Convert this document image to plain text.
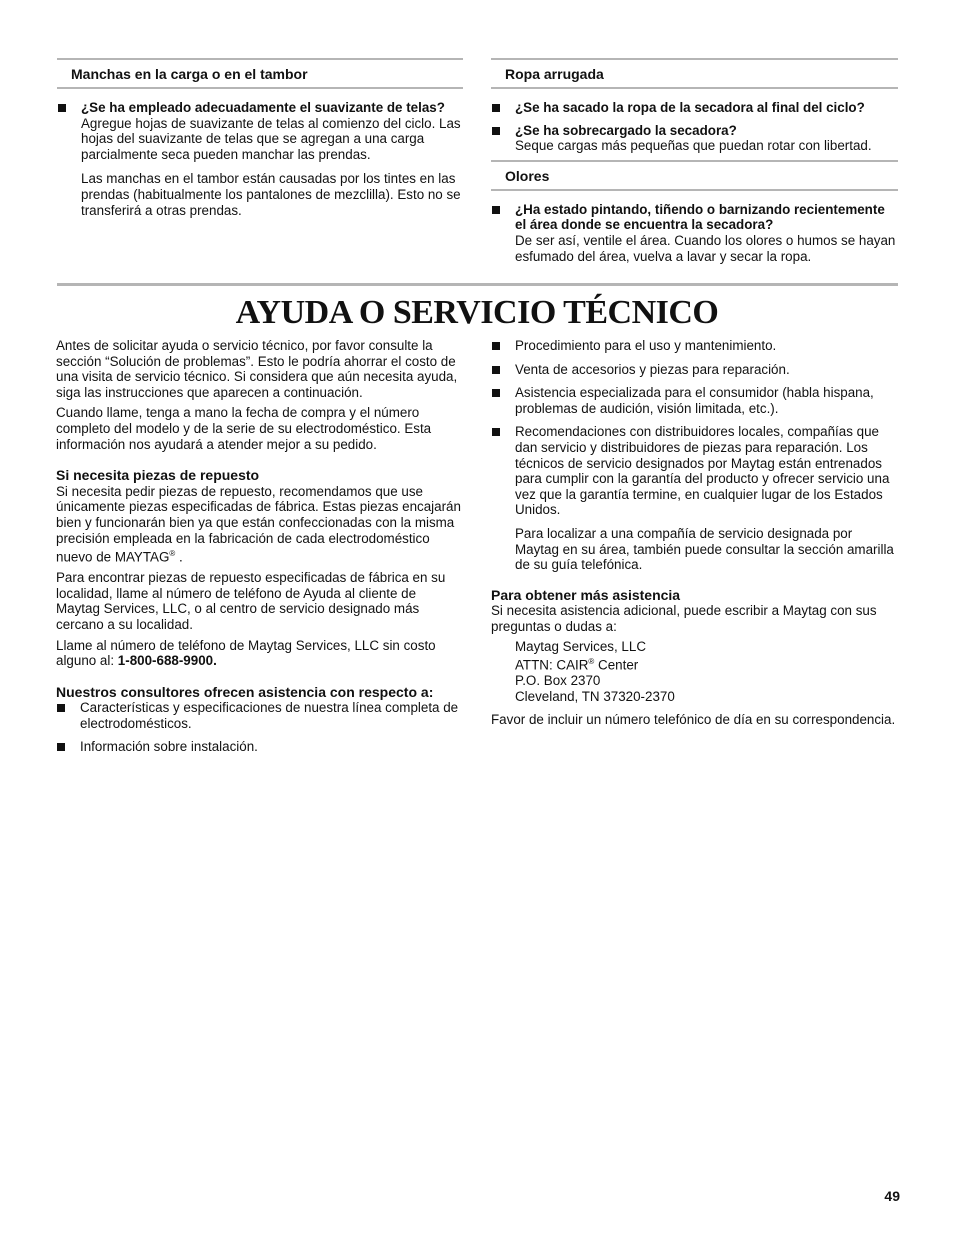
Manchas en la carga o en el tambor
¿Se ha empleado adecuadamente el suavizante de telas?
Agregue hojas de suavizante de telas al comienzo del ciclo. Las hojas del suavizante de telas que se agregan a una carga parcialmente seca pueden manchar las prendas.
Las manchas en el tambor están causadas por los tintes en las prendas (habitualmente los pantalones de mezclilla). Esto no se transferirá a otras prendas.
Ropa arrugada
¿Se ha sacado la ropa de la secadora al final del ciclo?
¿Se ha sobrecargado la secadora?
Seque cargas más pequeñas que puedan rotar con libertad.
Olores
¿Ha estado pintando, tiñendo o barnizando recientemente el área donde se encuentra la secadora?
De ser así, ventile el área. Cuando los olores o humos se hayan esfumado del área, vuelva a lavar y secar la ropa.
AYUDA O SERVICIO TÉCNICO

Antes de solicitar ayuda o servicio técnico, por favor consulte la sección “Solución de problemas”. Esto le podría ahorrar el costo de una visita de servicio técnico. Si considera que aún necesita ayuda, siga las instrucciones que aparecen a continuación.

Cuando llame, tenga a mano la fecha de compra y el número completo del modelo y de la serie de su electrodoméstico. Esta información nos ayudará a atender mejor a su pedido.

Si necesita piezas de repuesto

Si necesita pedir piezas de repuesto, recomendamos que use únicamente piezas especificadas de fábrica. Estas piezas encajarán bien y funcionarán bien ya que están confeccionadas con la misma precisión empleada en la fabricación de cada electrodoméstico nuevo de MAYTAG® .

Para encontrar piezas de repuesto especificadas de fábrica en su localidad, llame al número de teléfono de Ayuda al cliente de Maytag Services, LLC, o al centro de servicio designado más cercano a su localidad.

Llame al número de teléfono de Maytag Services, LLC sin costo alguno al: 1-800-688-9900.

Nuestros consultores ofrecen asistencia con respecto a:

Características y especificaciones de nuestra línea completa de electrodomésticos.
Información sobre instalación.
Procedimiento para el uso y mantenimiento.
Venta de accesorios y piezas para reparación.
Asistencia especializada para el consumidor (habla hispana, problemas de audición, visión limitada, etc.).
Recomendaciones con distribuidores locales, compañías que dan servicio y distribuidores de piezas para reparación. Los técnicos de servicio designados por Maytag están entrenados para cumplir con la garantía del producto y ofrecer servicio una vez que la garantía termine, en cualquier lugar de los Estados Unidos.
Para localizar a una compañía de servicio designada por Maytag en su área, también puede consultar la sección amarilla de su guía telefónica.

Para obtener más asistencia

Si necesita asistencia adicional, puede escribir a Maytag con sus preguntas o dudas a:

Maytag Services, LLC
ATTN: CAIR® Center
P.O. Box 2370
Cleveland, TN 37320-2370

Favor de incluir un número telefónico de día en su correspondencia.

49
